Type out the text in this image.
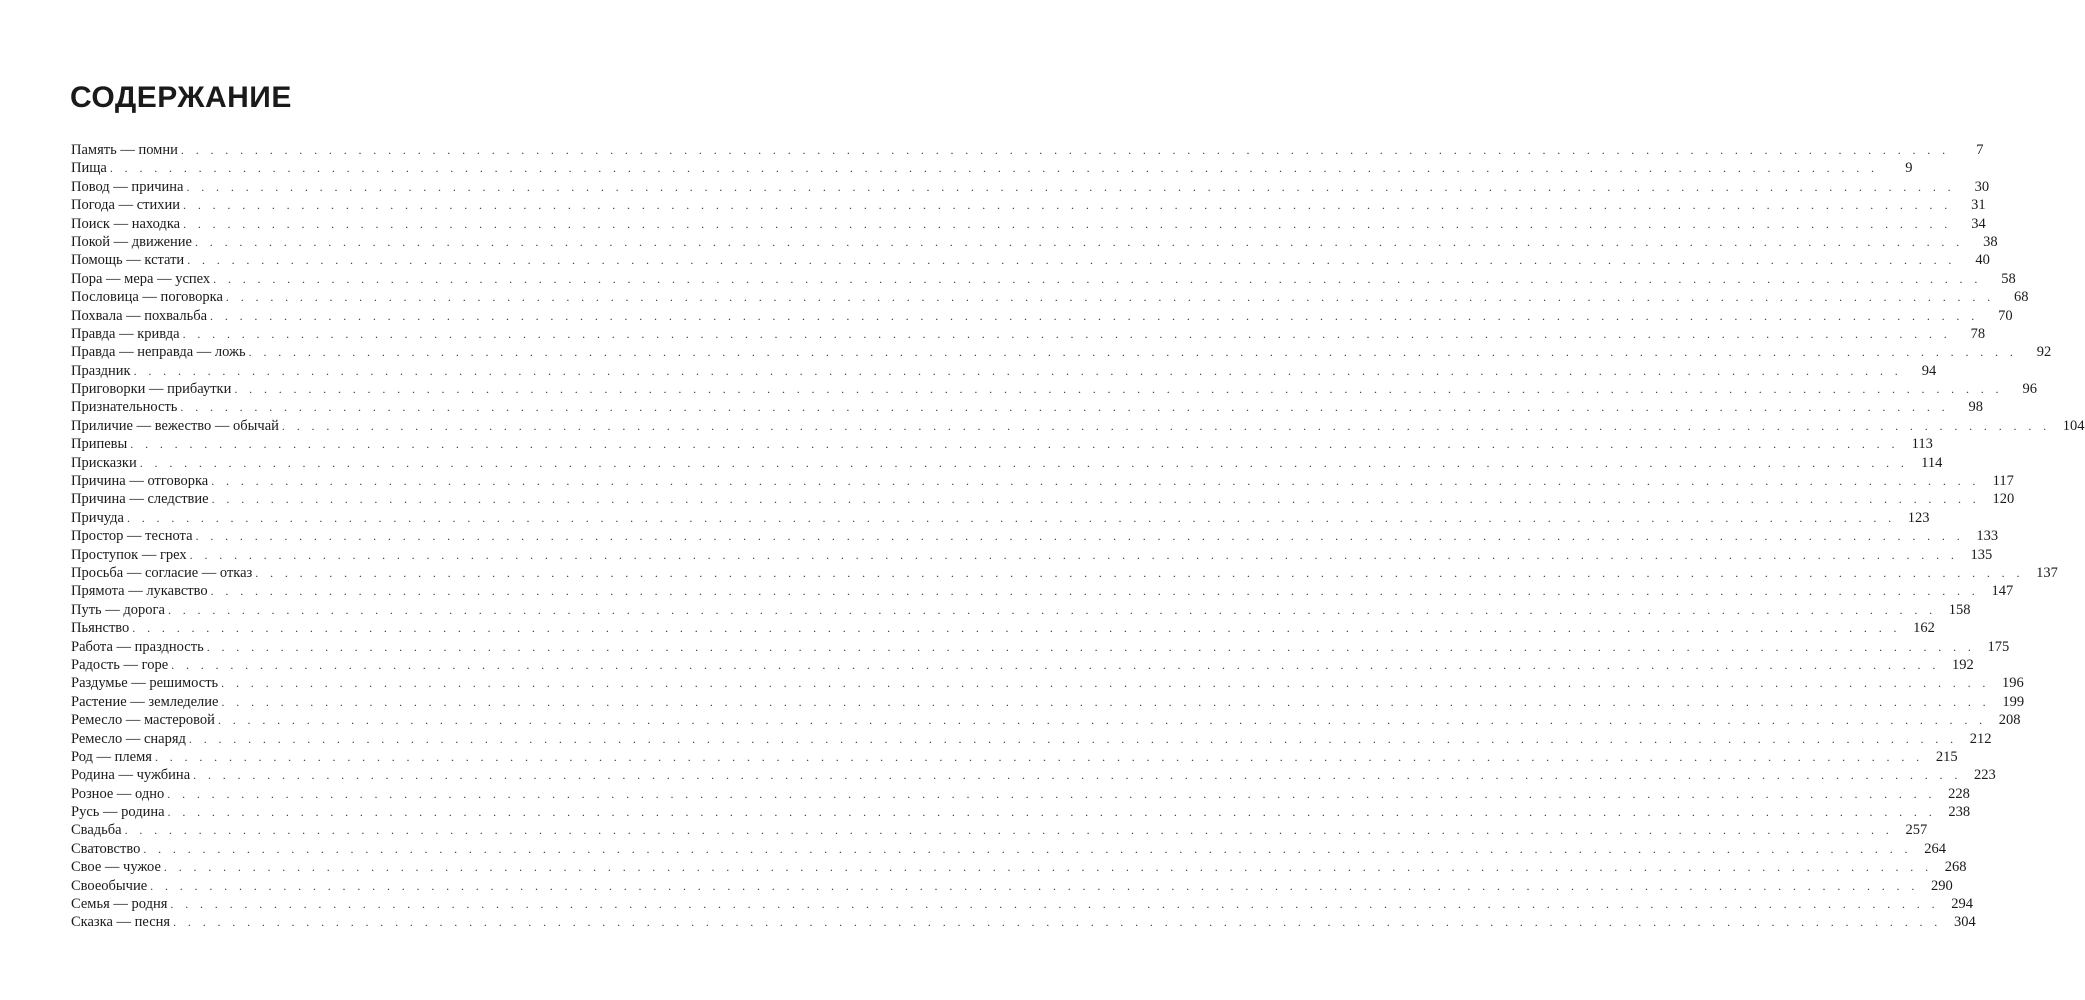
СОДЕРЖАНИЕ
Память — помни . . . . . . . . . . . . . . . . . . . . . . . . . . . . . . . . . . . . . . . . . . . . . . . . . . . . . . . . . . . . . . . . . . . . . . . . . . . . . . . . . . . . . . . . . . . . . . . . . . . . . . . . . . . . . . . . . . . . . . . .	7
Пища . . . . . . . . . . . . . . . . . . . . . . . . . . . . . . . . . . . . . . . . . . . . . . . . . . . . . . . . . . . . . . . . . . . . . . . . . . . . . . . . . . . . . . . . . . . . . . . . . . . . . . . . . . . . . . . . . . . . . . . .	9
Повод — причина . . . . . . . . . . . . . . . . . . . . . . . . . . . . . . . . . . . . . . . . . . . . . . . . . . . . . . . . . . . . . . . . . . . . . . . . . . . . . . . . . . . . . . . . . . . . . . . . . . . . . . . . . . . . . . . . . . . . . . . .	30
Погода — стихии . . . . . . . . . . . . . . . . . . . . . . . . . . . . . . . . . . . . . . . . . . . . . . . . . . . . . . . . . . . . . . . . . . . . . . . . . . . . . . . . . . . . . . . . . . . . . . . . . . . . . . . . . . . . . . . . . . . . . . . .	31
Поиск — находка . . . . . . . . . . . . . . . . . . . . . . . . . . . . . . . . . . . . . . . . . . . . . . . . . . . . . . . . . . . . . . . . . . . . . . . . . . . . . . . . . . . . . . . . . . . . . . . . . . . . . . . . . . . . . . . . . . . . . . . .	34
Покой — движение . . . . . . . . . . . . . . . . . . . . . . . . . . . . . . . . . . . . . . . . . . . . . . . . . . . . . . . . . . . . . . . . . . . . . . . . . . . . . . . . . . . . . . . . . . . . . . . . . . . . . . . . . . . . . . . . . . . . . . . .	38
Помощь — кстати . . . . . . . . . . . . . . . . . . . . . . . . . . . . . . . . . . . . . . . . . . . . . . . . . . . . . . . . . . . . . . . . . . . . . . . . . . . . . . . . . . . . . . . . . . . . . . . . . . . . . . . . . . . . . . . . . . . . . . . .	40
Пора — мера — успех . . . . . . . . . . . . . . . . . . . . . . . . . . . . . . . . . . . . . . . . . . . . . . . . . . . . . . . . . . . . . . . . . . . . . . . . . . . . . . . . . . . . . . . . . . . . . . . . . . . . . . . . . . . . . . . . . . . . . . . .	58
Пословица — поговорка . . . . . . . . . . . . . . . . . . . . . . . . . . . . . . . . . . . . . . . . . . . . . . . . . . . . . . . . . . . . . . . . . . . . . . . . . . . . . . . . . . . . . . . . . . . . . . . . . . . . . . . . . . . . . . . . . . . . . . . .	68
Похвала — похвальба . . . . . . . . . . . . . . . . . . . . . . . . . . . . . . . . . . . . . . . . . . . . . . . . . . . . . . . . . . . . . . . . . . . . . . . . . . . . . . . . . . . . . . . . . . . . . . . . . . . . . . . . . . . . . . . . . . . . . . . .	70
Правда — кривда . . . . . . . . . . . . . . . . . . . . . . . . . . . . . . . . . . . . . . . . . . . . . . . . . . . . . . . . . . . . . . . . . . . . . . . . . . . . . . . . . . . . . . . . . . . . . . . . . . . . . . . . . . . . . . . . . . . . . . . .	78
Правда — неправда — ложь . . . . . . . . . . . . . . . . . . . . . . . . . . . . . . . . . . . . . . . . . . . . . . . . . . . . . . . . . . . . . . . . . . . . . . . . . . . . . . . . . . . . . . . . . . . . . . . . . . . . . . . . . . . . . . . . . . . . . . . .	92
Праздник . . . . . . . . . . . . . . . . . . . . . . . . . . . . . . . . . . . . . . . . . . . . . . . . . . . . . . . . . . . . . . . . . . . . . . . . . . . . . . . . . . . . . . . . . . . . . . . . . . . . . . . . . . . . . . . . . . . . . . . .	94
Приговорки — прибаутки . . . . . . . . . . . . . . . . . . . . . . . . . . . . . . . . . . . . . . . . . . . . . . . . . . . . . . . . . . . . . . . . . . . . . . . . . . . . . . . . . . . . . . . . . . . . . . . . . . . . . . . . . . . . . . . . . . . . . . . .	96
Признательность . . . . . . . . . . . . . . . . . . . . . . . . . . . . . . . . . . . . . . . . . . . . . . . . . . . . . . . . . . . . . . . . . . . . . . . . . . . . . . . . . . . . . . . . . . . . . . . . . . . . . . . . . . . . . . . . . . . . . . . .	98
Приличие — вежество — обычай . . . . . . . . . . . . . . . . . . . . . . . . . . . . . . . . . . . . . . . . . . . . . . . . . . . . . . . . . . . . . . . . . . . . . . . . . . . . . . . . . . . . . . . . . . . . . . . . . . . . . . . . . . . . . . . . . . . . . . . . 104
Припевы . . . . . . . . . . . . . . . . . . . . . . . . . . . . . . . . . . . . . . . . . . . . . . . . . . . . . . . . . . . . . . . . . . . . . . . . . . . . . . . . . . . . . . . . . . . . . . . . . . . . . . . . . . . . . . . . . . . . . . . . 113
Присказки . . . . . . . . . . . . . . . . . . . . . . . . . . . . . . . . . . . . . . . . . . . . . . . . . . . . . . . . . . . . . . . . . . . . . . . . . . . . . . . . . . . . . . . . . . . . . . . . . . . . . . . . . . . . . . . . . . . . . . . . 114
Причина — отговорка . . . . . . . . . . . . . . . . . . . . . . . . . . . . . . . . . . . . . . . . . . . . . . . . . . . . . . . . . . . . . . . . . . . . . . . . . . . . . . . . . . . . . . . . . . . . . . . . . . . . . . . . . . . . . . . . . . . . . . . . 117
Причина — следствие . . . . . . . . . . . . . . . . . . . . . . . . . . . . . . . . . . . . . . . . . . . . . . . . . . . . . . . . . . . . . . . . . . . . . . . . . . . . . . . . . . . . . . . . . . . . . . . . . . . . . . . . . . . . . . . . . . . . . . . . 120
Причуда . . . . . . . . . . . . . . . . . . . . . . . . . . . . . . . . . . . . . . . . . . . . . . . . . . . . . . . . . . . . . . . . . . . . . . . . . . . . . . . . . . . . . . . . . . . . . . . . . . . . . . . . . . . . . . . . . . . . . . . . 123
Простор — теснота . . . . . . . . . . . . . . . . . . . . . . . . . . . . . . . . . . . . . . . . . . . . . . . . . . . . . . . . . . . . . . . . . . . . . . . . . . . . . . . . . . . . . . . . . . . . . . . . . . . . . . . . . . . . . . . . . . . . . . . . 133
Проступок — грех . . . . . . . . . . . . . . . . . . . . . . . . . . . . . . . . . . . . . . . . . . . . . . . . . . . . . . . . . . . . . . . . . . . . . . . . . . . . . . . . . . . . . . . . . . . . . . . . . . . . . . . . . . . . . . . . . . . . . . . . 135
Просьба — согласие — отказ . . . . . . . . . . . . . . . . . . . . . . . . . . . . . . . . . . . . . . . . . . . . . . . . . . . . . . . . . . . . . . . . . . . . . . . . . . . . . . . . . . . . . . . . . . . . . . . . . . . . . . . . . . . . . . . . . . . . . . . . 137
Прямота — лукавство . . . . . . . . . . . . . . . . . . . . . . . . . . . . . . . . . . . . . . . . . . . . . . . . . . . . . . . . . . . . . . . . . . . . . . . . . . . . . . . . . . . . . . . . . . . . . . . . . . . . . . . . . . . . . . . . . . . . . . . . 147
Путь — дорога . . . . . . . . . . . . . . . . . . . . . . . . . . . . . . . . . . . . . . . . . . . . . . . . . . . . . . . . . . . . . . . . . . . . . . . . . . . . . . . . . . . . . . . . . . . . . . . . . . . . . . . . . . . . . . . . . . . . . . . . 158
Пьянство . . . . . . . . . . . . . . . . . . . . . . . . . . . . . . . . . . . . . . . . . . . . . . . . . . . . . . . . . . . . . . . . . . . . . . . . . . . . . . . . . . . . . . . . . . . . . . . . . . . . . . . . . . . . . . . . . . . . . . . . 162
Работа — праздность . . . . . . . . . . . . . . . . . . . . . . . . . . . . . . . . . . . . . . . . . . . . . . . . . . . . . . . . . . . . . . . . . . . . . . . . . . . . . . . . . . . . . . . . . . . . . . . . . . . . . . . . . . . . . . . . . . . . . . . . 175
Радость — горе . . . . . . . . . . . . . . . . . . . . . . . . . . . . . . . . . . . . . . . . . . . . . . . . . . . . . . . . . . . . . . . . . . . . . . . . . . . . . . . . . . . . . . . . . . . . . . . . . . . . . . . . . . . . . . . . . . . . . . . . 192
Раздумье — решимость . . . . . . . . . . . . . . . . . . . . . . . . . . . . . . . . . . . . . . . . . . . . . . . . . . . . . . . . . . . . . . . . . . . . . . . . . . . . . . . . . . . . . . . . . . . . . . . . . . . . . . . . . . . . . . . . . . . . . . . . 196
Растение — земледелие . . . . . . . . . . . . . . . . . . . . . . . . . . . . . . . . . . . . . . . . . . . . . . . . . . . . . . . . . . . . . . . . . . . . . . . . . . . . . . . . . . . . . . . . . . . . . . . . . . . . . . . . . . . . . . . . . . . . . . . . 199
Ремесло — мастеровой . . . . . . . . . . . . . . . . . . . . . . . . . . . . . . . . . . . . . . . . . . . . . . . . . . . . . . . . . . . . . . . . . . . . . . . . . . . . . . . . . . . . . . . . . . . . . . . . . . . . . . . . . . . . . . . . . . . . . . . . 208
Ремесло — снаряд . . . . . . . . . . . . . . . . . . . . . . . . . . . . . . . . . . . . . . . . . . . . . . . . . . . . . . . . . . . . . . . . . . . . . . . . . . . . . . . . . . . . . . . . . . . . . . . . . . . . . . . . . . . . . . . . . . . . . . . . 212
Род — племя . . . . . . . . . . . . . . . . . . . . . . . . . . . . . . . . . . . . . . . . . . . . . . . . . . . . . . . . . . . . . . . . . . . . . . . . . . . . . . . . . . . . . . . . . . . . . . . . . . . . . . . . . . . . . . . . . . . . . . . . 215
Родина — чужбина . . . . . . . . . . . . . . . . . . . . . . . . . . . . . . . . . . . . . . . . . . . . . . . . . . . . . . . . . . . . . . . . . . . . . . . . . . . . . . . . . . . . . . . . . . . . . . . . . . . . . . . . . . . . . . . . . . . . . . . . 223
Розное — одно . . . . . . . . . . . . . . . . . . . . . . . . . . . . . . . . . . . . . . . . . . . . . . . . . . . . . . . . . . . . . . . . . . . . . . . . . . . . . . . . . . . . . . . . . . . . . . . . . . . . . . . . . . . . . . . . . . . . . . . . 228
Русь — родина . . . . . . . . . . . . . . . . . . . . . . . . . . . . . . . . . . . . . . . . . . . . . . . . . . . . . . . . . . . . . . . . . . . . . . . . . . . . . . . . . . . . . . . . . . . . . . . . . . . . . . . . . . . . . . . . . . . . . . . . 238
Свадьба . . . . . . . . . . . . . . . . . . . . . . . . . . . . . . . . . . . . . . . . . . . . . . . . . . . . . . . . . . . . . . . . . . . . . . . . . . . . . . . . . . . . . . . . . . . . . . . . . . . . . . . . . . . . . . . . . . . . . . . . 257
Сватовство . . . . . . . . . . . . . . . . . . . . . . . . . . . . . . . . . . . . . . . . . . . . . . . . . . . . . . . . . . . . . . . . . . . . . . . . . . . . . . . . . . . . . . . . . . . . . . . . . . . . . . . . . . . . . . . . . . . . . . . . 264
Свое — чужое . . . . . . . . . . . . . . . . . . . . . . . . . . . . . . . . . . . . . . . . . . . . . . . . . . . . . . . . . . . . . . . . . . . . . . . . . . . . . . . . . . . . . . . . . . . . . . . . . . . . . . . . . . . . . . . . . . . . . . . . 268
Своеобычие . . . . . . . . . . . . . . . . . . . . . . . . . . . . . . . . . . . . . . . . . . . . . . . . . . . . . . . . . . . . . . . . . . . . . . . . . . . . . . . . . . . . . . . . . . . . . . . . . . . . . . . . . . . . . . . . . . . . . . . . 290
Семья — родня . . . . . . . . . . . . . . . . . . . . . . . . . . . . . . . . . . . . . . . . . . . . . . . . . . . . . . . . . . . . . . . . . . . . . . . . . . . . . . . . . . . . . . . . . . . . . . . . . . . . . . . . . . . . . . . . . . . . . . . . 294
Сказка — песня . . . . . . . . . . . . . . . . . . . . . . . . . . . . . . . . . . . . . . . . . . . . . . . . . . . . . . . . . . . . . . . . . . . . . . . . . . . . . . . . . . . . . . . . . . . . . . . . . . . . . . . . . . . . . . . . . . . . . . . . 304
